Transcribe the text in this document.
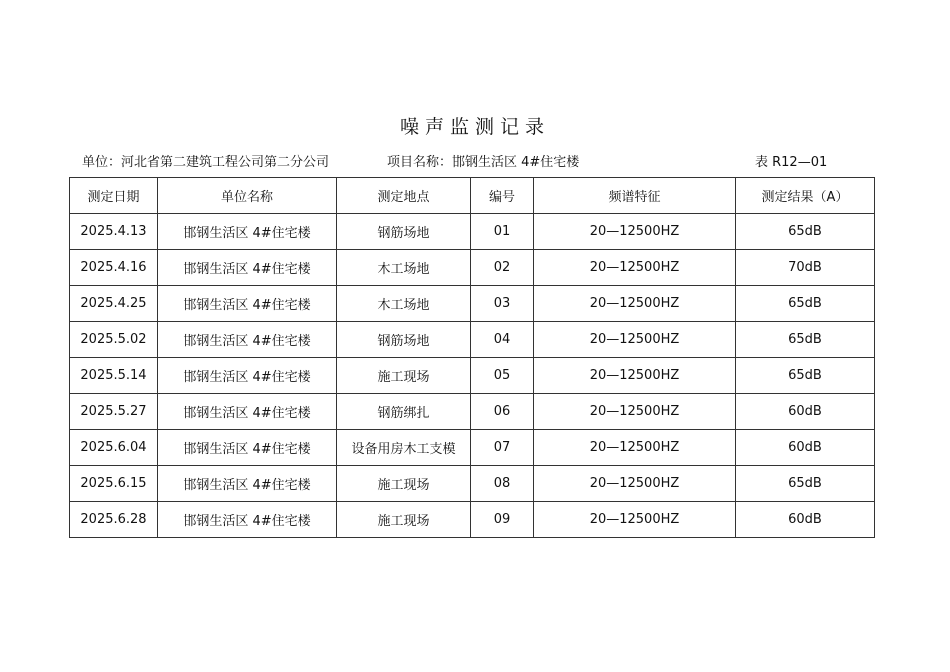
噪声监测记录
单位：河北省第二建筑工程公司第二分公司	项目名称：邯钢生活区 4#住宅楼	表 R12—01
测定日期	单位名称	测定地点	编号	频谱特征	测定结果（A）
2025.4.13	邯钢生活区 4#住宅楼	钢筋场地	01	20—12500HZ	65dB
2025.4.16	邯钢生活区 4#住宅楼	木工场地	02	20—12500HZ	70dB
2025.4.25	邯钢生活区 4#住宅楼	木工场地	03	20—12500HZ	65dB
2025.5.02	邯钢生活区 4#住宅楼	钢筋场地	04	20—12500HZ	65dB
2025.5.14	邯钢生活区 4#住宅楼	施工现场	05	20—12500HZ	65dB
2025.5.27	邯钢生活区 4#住宅楼	钢筋绑扎	06	20—12500HZ	60dB
2025.6.04	邯钢生活区 4#住宅楼	设备用房木工支模	07	20—12500HZ	60dB
2025.6.15	邯钢生活区 4#住宅楼	施工现场	08	20—12500HZ	65dB
2025.6.28	邯钢生活区 4#住宅楼	施工现场	09	20—12500HZ	60dB
